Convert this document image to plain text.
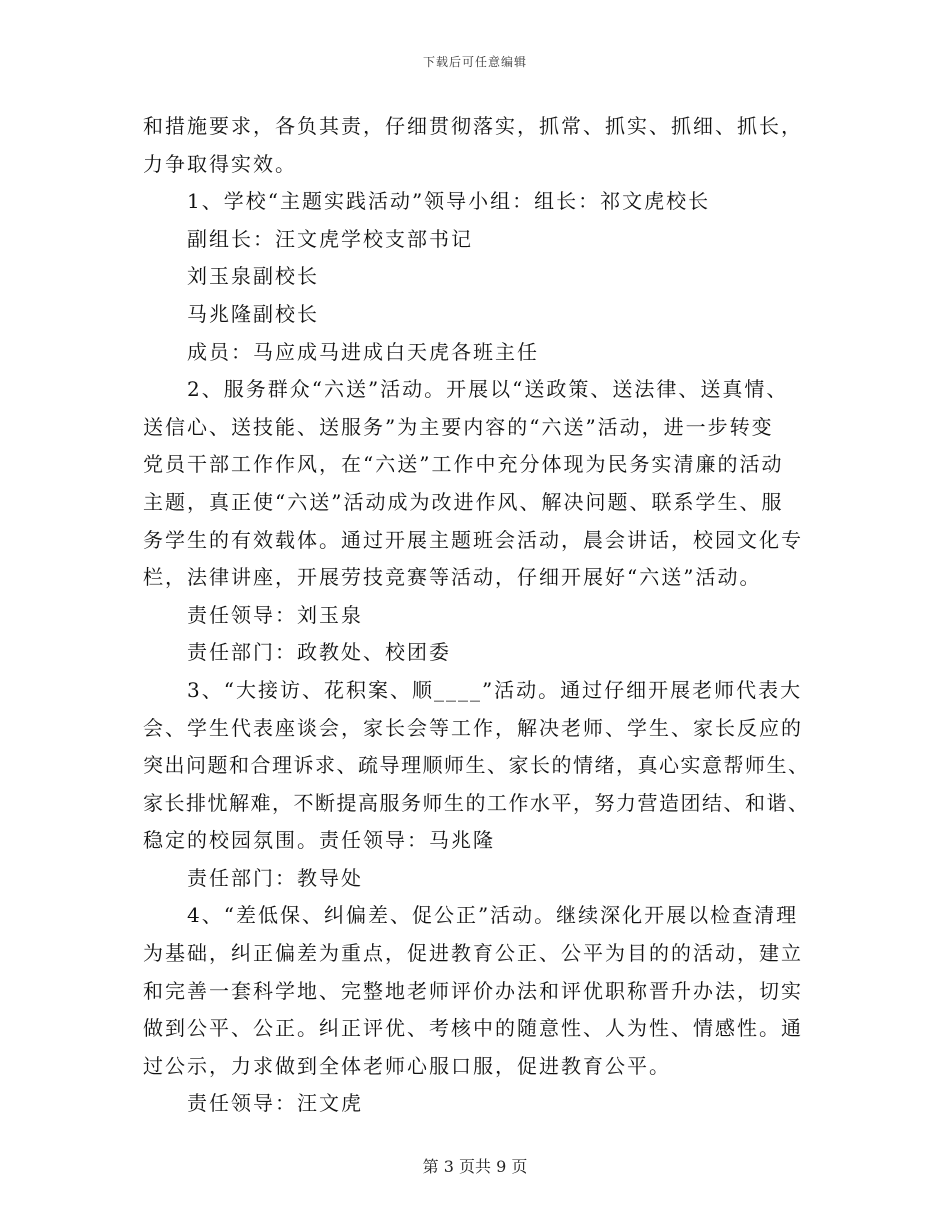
下载后可任意编辑
和措施要求，各负其责，仔细贯彻落实，抓常、抓实、抓细、抓长，
力争取得实效。
1、学校“主题实践活动”领导小组：组长：祁文虎校长
副组长：汪文虎学校支部书记
刘玉泉副校长
马兆隆副校长
成员：马应成马进成白天虎各班主任
2、服务群众“六送”活动。开展以“送政策、送法律、送真情、
送信心、送技能、送服务”为主要内容的“六送”活动，进一步转变
党员干部工作作风，在“六送”工作中充分体现为民务实清廉的活动
主题，真正使“六送”活动成为改进作风、解决问题、联系学生、服
务学生的有效载体。通过开展主题班会活动，晨会讲话，校园文化专
栏，法律讲座，开展劳技竞赛等活动，仔细开展好“六送”活动。
责任领导：刘玉泉
责任部门：政教处、校团委
3、“大接访、花积案、顺____”活动。通过仔细开展老师代表大
会、学生代表座谈会，家长会等工作，解决老师、学生、家长反应的
突出问题和合理诉求、疏导理顺师生、家长的情绪，真心实意帮师生、
家长排忧解难，不断提高服务师生的工作水平，努力营造团结、和谐、
稳定的校园氛围。责任领导：马兆隆
责任部门：教导处
4、“差低保、纠偏差、促公正”活动。继续深化开展以检查清理
为基础，纠正偏差为重点，促进教育公正、公平为目的的活动，建立
和完善一套科学地、完整地老师评价办法和评优职称晋升办法，切实
做到公平、公正。纠正评优、考核中的随意性、人为性、情感性。通
过公示，力求做到全体老师心服口服，促进教育公平。
责任领导：汪文虎
第 3 页共 9 页
